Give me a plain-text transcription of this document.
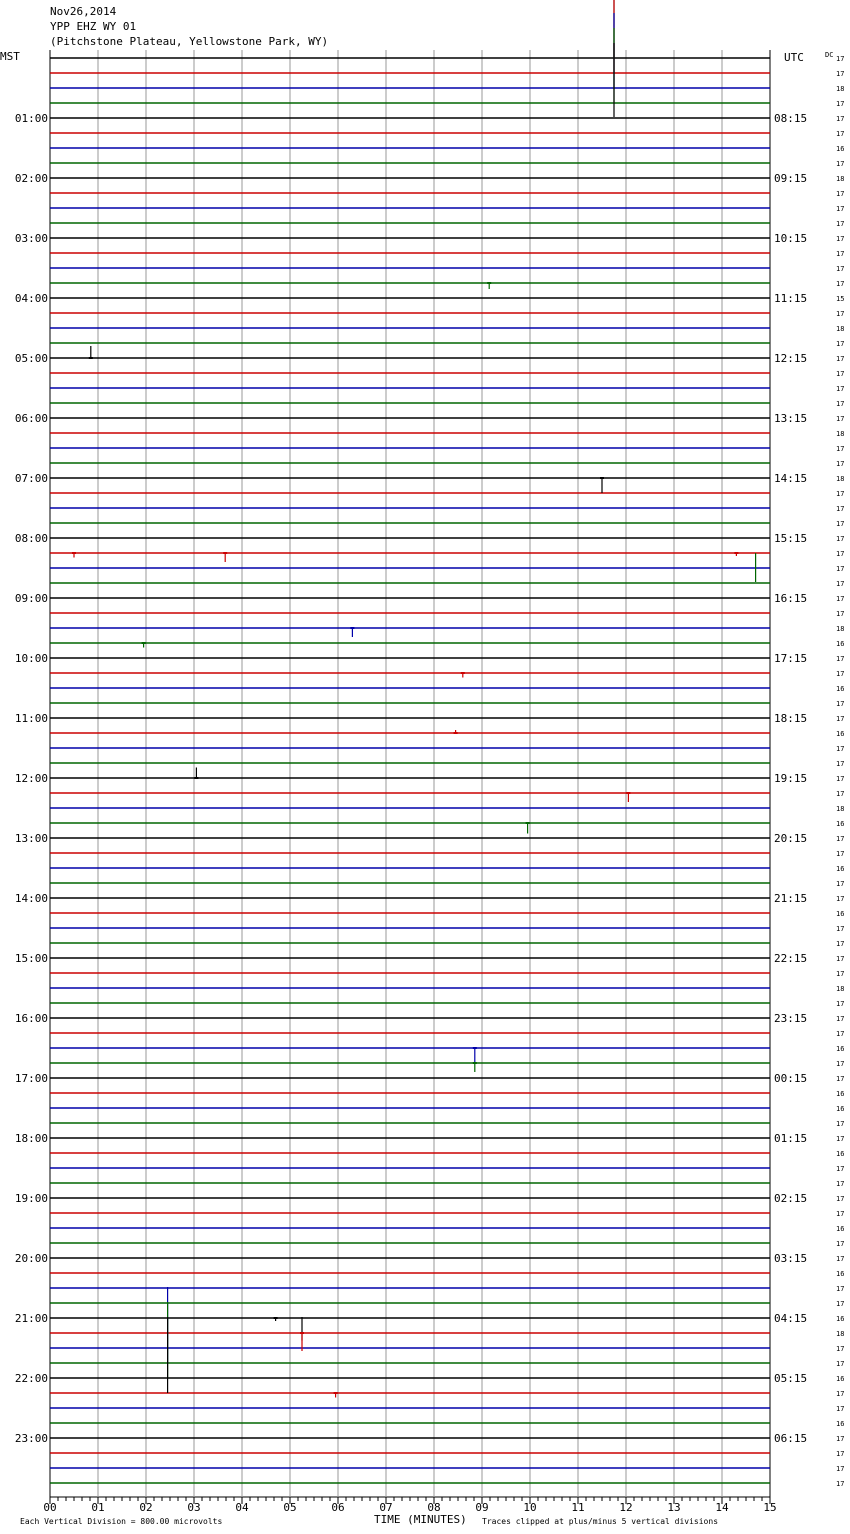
Nov26,2014
YPP EHZ WY 01
(Pitchstone Plateau, Yellowstone Park, WY)
00	01	02	03	04	05	06	07	08	09	10	11	12	13	14	15
17
17
18
17
17
17
16
17
18
17
17
17
17
17
17
17
15
17
18
17
17
17
17
17
17
18
17
17
18
17
17
17
17
17
17
17
17
17
18
16
17
17
16
17
17
16
17
17
17
17
18
16
17
17
16
17
17
16
17
17
17
17
18
17
17
17
16
17
17
16
16
17
17
16
17
17
17
17
16
17
17
16
17
17
16
18
17
17
16
17
17
16
17
17
17
17
01:00
02:00
03:00
04:00
05:00
06:00
07:00
08:00
09:00
10:00
11:00
12:00
13:00
14:00
15:00
16:00
17:00
18:00
19:00
20:00
21:00
22:00
23:00
08:15
09:15
10:15
11:15
12:15
13:15
14:15
15:15
16:15
17:15
18:15
19:15
20:15
21:15
22:15
23:15
00:15
01:15
02:15
03:15
04:15
05:15
06:15
MST	UTC	DC
Each Vertical Division = 800.00 microvolts	TIME (MINUTES) Traces clipped at plus/minus 5 vertical divisions
